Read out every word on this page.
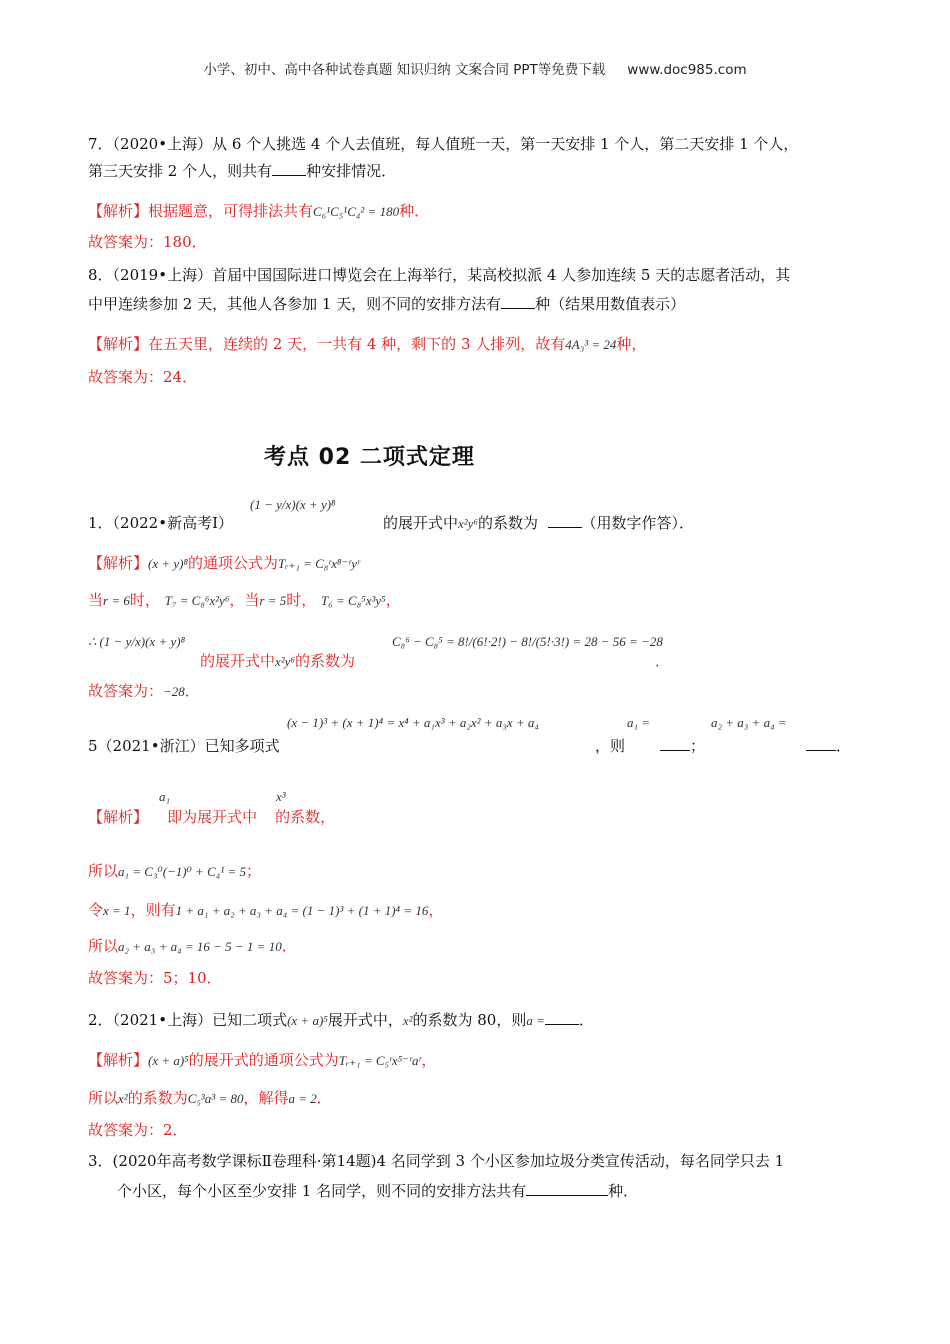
小学、初中、高中各种试卷真题 知识归纳 文案合同 PPT等免费下载 www.doc985.com
7．（2020•上海）从 6 个人挑选 4 个人去值班，每人值班一天，第一天安排 1 个人，第二天安排 1 个人，
第三天安排 2 个人，则共有 种安排情况．
【解析】根据题意，可得排法共有C₆¹C₅¹C₄² = 180种．
故答案为：180．
8．（2019•上海）首届中国国际进口博览会在上海举行，某高校拟派 4 人参加连续 5 天的志愿者活动，其
中甲连续参加 2 天，其他人各参加 1 天，则不同的安排方法有 种（结果用数值表示）
【解析】在五天里，连续的 2 天，一共有 4 种，剩下的 3 人排列，故有4A₃³ = 24种，
故答案为：24．
考点 02 二项式定理
(1 − y/x)(x + y)⁸
1．（2022•新高考Ⅰ）	的展开式中x²y⁶的系数为	（用数字作答）．
【解析】(x + y)⁸的通项公式为Tᵣ₊₁ = C₈ʳx⁸⁻ʳyʳ
当r = 6时， T₇ = C₈⁶x²y⁶，当r = 5时， T₆ = C₈⁵x³y⁵，
∴ (1 − y/x)(x + y)⁸
的展开式中x²y⁶的系数为
C₈⁶ − C₈⁵ = 8!/(6!·2!) − 8!/(5!·3!) = 28 − 56 = −28
．
故答案为：−28．
(x − 1)³ + (x + 1)⁴ = x⁴ + a₁x³ + a₂x² + a₃x + a₄	a₁ =	a₂ + a₃ + a₄ =
5（2021•浙江）已知多项式	，则	；	．
a₁	x³
【解析】 即为展开式中 的系数，
所以a₁ = C₃⁰(−1)⁰ + C₄¹ = 5；
令x = 1，则有1 + a₁ + a₂ + a₃ + a₄ = (1 − 1)³ + (1 + 1)⁴ = 16，
所以a₂ + a₃ + a₄ = 16 − 5 − 1 = 10．
故答案为：5；10．
2．（2021•上海）已知二项式(x + a)⁵展开式中，x²的系数为 80，则a = ．
【解析】(x + a)⁵的展开式的通项公式为Tᵣ₊₁ = C₅ʳx⁵⁻ʳaʳ，
所以x²的系数为C₅³a³ = 80，解得a = 2．
故答案为：2．
3．(2020年高考数学课标Ⅱ卷理科·第14题)4 名同学到 3 个小区参加垃圾分类宣传活动，每名同学只去 1
个小区，每个小区至少安排 1 名同学，则不同的安排方法共有	种．
